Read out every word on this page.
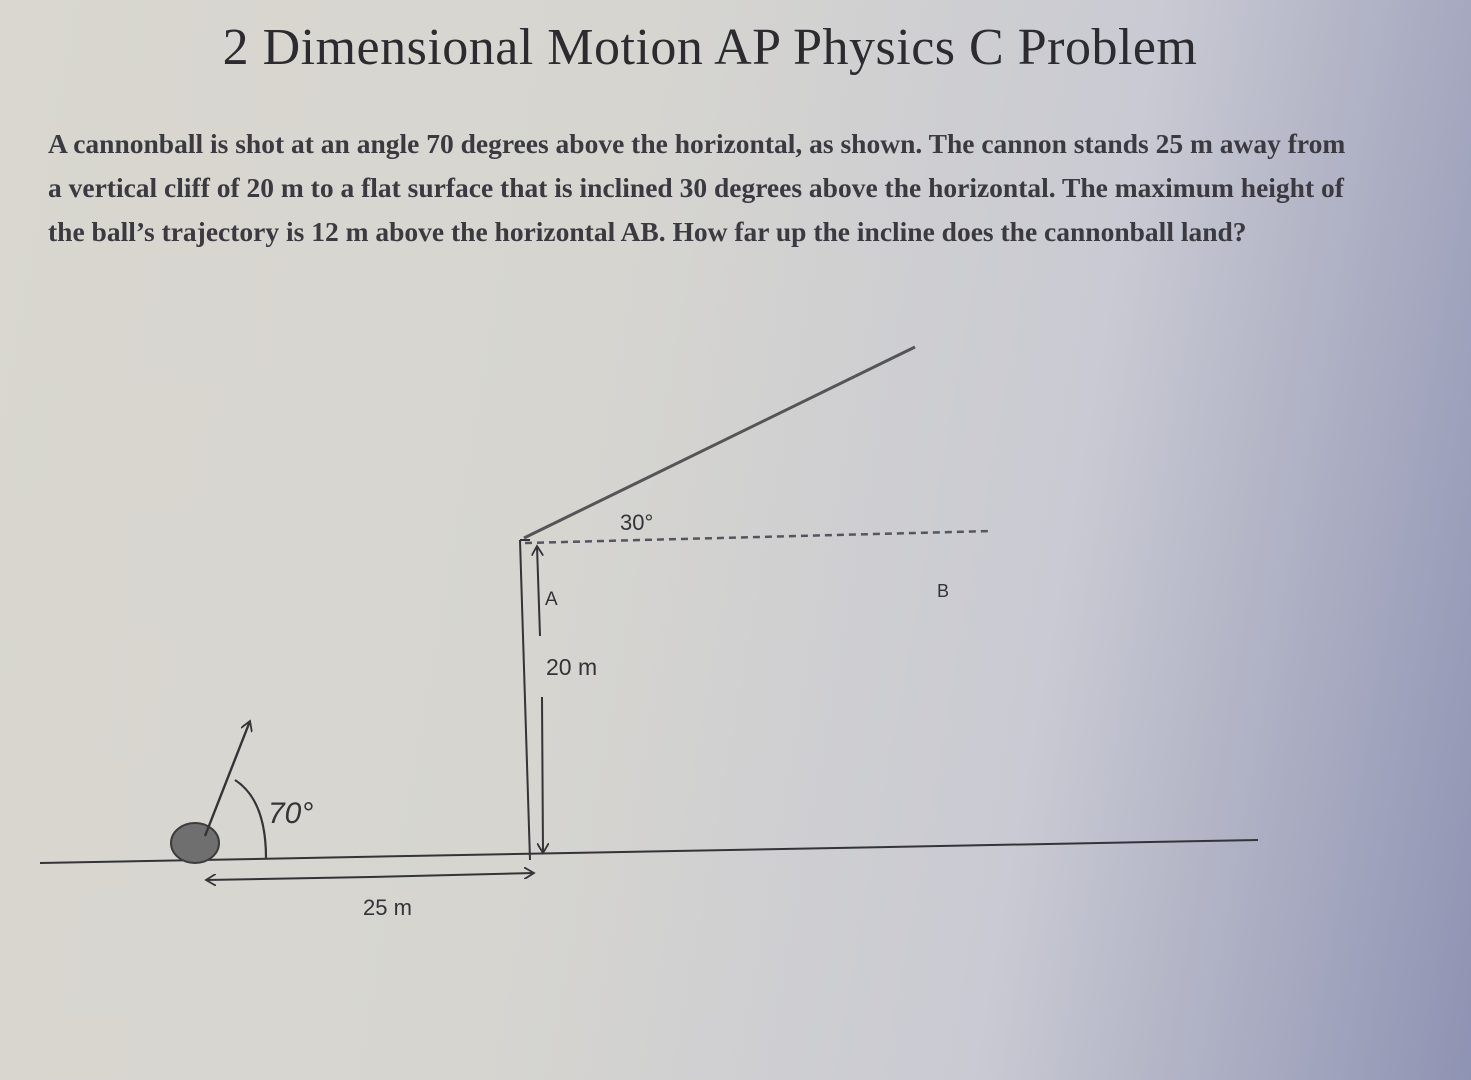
2 Dimensional Motion AP Physics C Problem

A cannonball is shot at an angle 70 degrees above the horizontal, as shown. The cannon stands 25 m away from a vertical cliff of 20 m to a flat surface that is inclined 30 degrees above the horizontal. The maximum height of the ball’s trajectory is 12 m above the horizontal AB. How far up the incline does the cannonball land?

70°
25 m
20 m
30°
A	B
